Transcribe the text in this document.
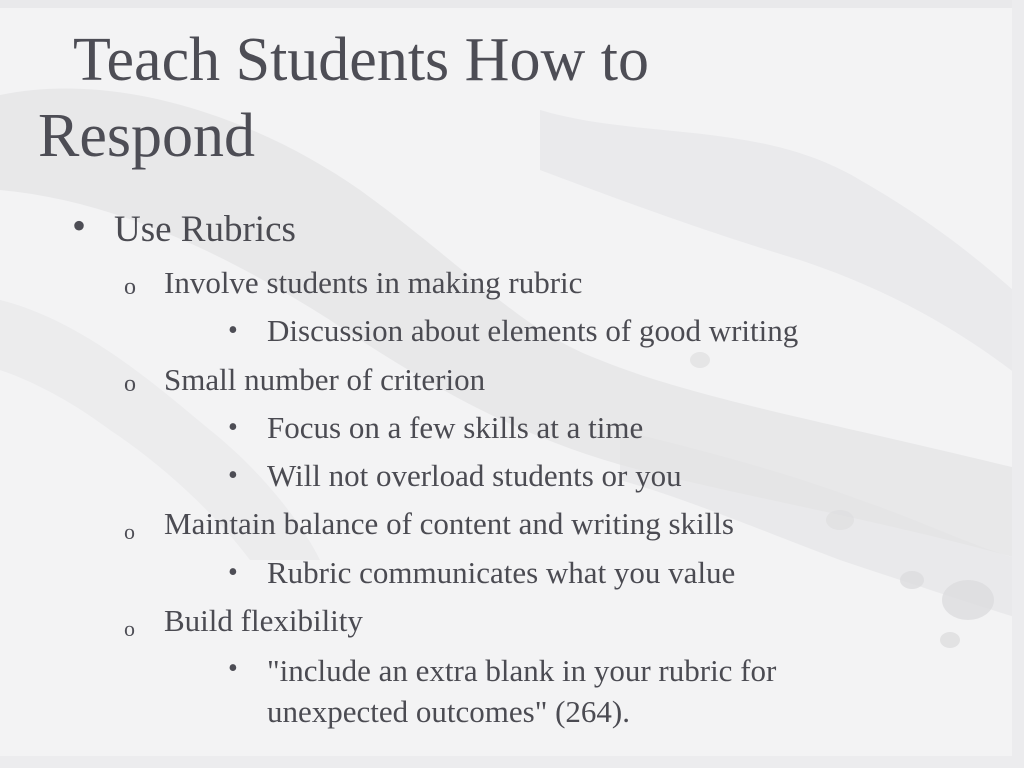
Teach Students How to Respond
• Use Rubrics
o Involve students in making rubric
• Discussion about elements of good writing
o Small number of criterion
• Focus on a few skills at a time
• Will not overload students or you
o Maintain balance of content and writing skills
• Rubric communicates what you value
o Build flexibility
• "include an extra blank in your rubric for
unexpected outcomes" (264).
